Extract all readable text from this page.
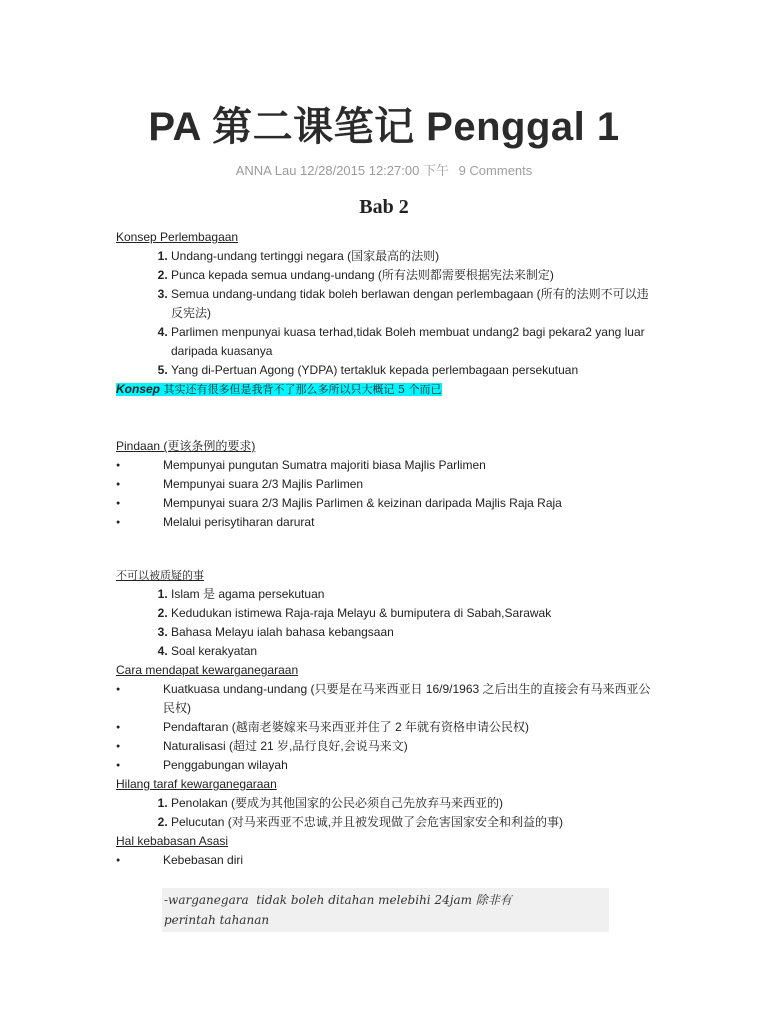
PA 第二课笔记 Penggal 1
ANNA Lau 12/28/2015 12:27:00 下午 9 Comments
Bab 2

Konsep Perlembagaan

1. Undang-undang tertinggi negara (国家最高的法则)
2. Punca kepada semua undang-undang (所有法则都需要根据宪法来制定)
3. Semua undang-undang tidak boleh berlawan dengan perlembagaan (所有的法则不可以违反宪法)
4. Parlimen menpunyai kuasa terhad,tidak Boleh membuat undang2 bagi pekara2 yang luar daripada kuasanya
5. Yang di-Pertuan Agong (YDPA) tertakluk kepada perlembagaan persekutuan
Konsep 其实还有很多但是我背不了那么多所以只大概记 5 个而已

Pindaan (更该条例的要求)

● Mempunyai pungutan Sumatra majoriti biasa Majlis Parlimen
● Mempunyai suara 2/3 Majlis Parlimen
● Mempunyai suara 2/3 Majlis Parlimen & keizinan daripada Majlis Raja Raja
● Melalui perisytiharan darurat

不可以被质疑的事

1. Islam 是 agama persekutuan
2. Kedudukan istimewa Raja-raja Melayu & bumiputera di Sabah,Sarawak
3. Bahasa Melayu ialah bahasa kebangsaan
4. Soal kerakyatan

Cara mendapat kewarganegaraan

● Kuatkuasa undang-undang (只要是在马来西亚日 16/9/1963 之后出生的直接会有马来西亚公民权)
● Pendaftaran (越南老婆嫁来马来西亚并住了 2 年就有资格申请公民权)
● Naturalisasi (超过 21 岁,品行良好,会说马来文)
● Penggabungan wilayah

Hilang taraf kewarganegaraan

1. Penolakan (要成为其他国家的公民必须自己先放弃马来西亚的)
2. Pelucutan (对马来西亚不忠诚,并且被发现做了会危害国家安全和利益的事)

Hal kebabasan Asasi

● Kebebasan diri
-warganegara  tidak boleh ditahan melebihi 24jam 除非有
perintah tahanan
